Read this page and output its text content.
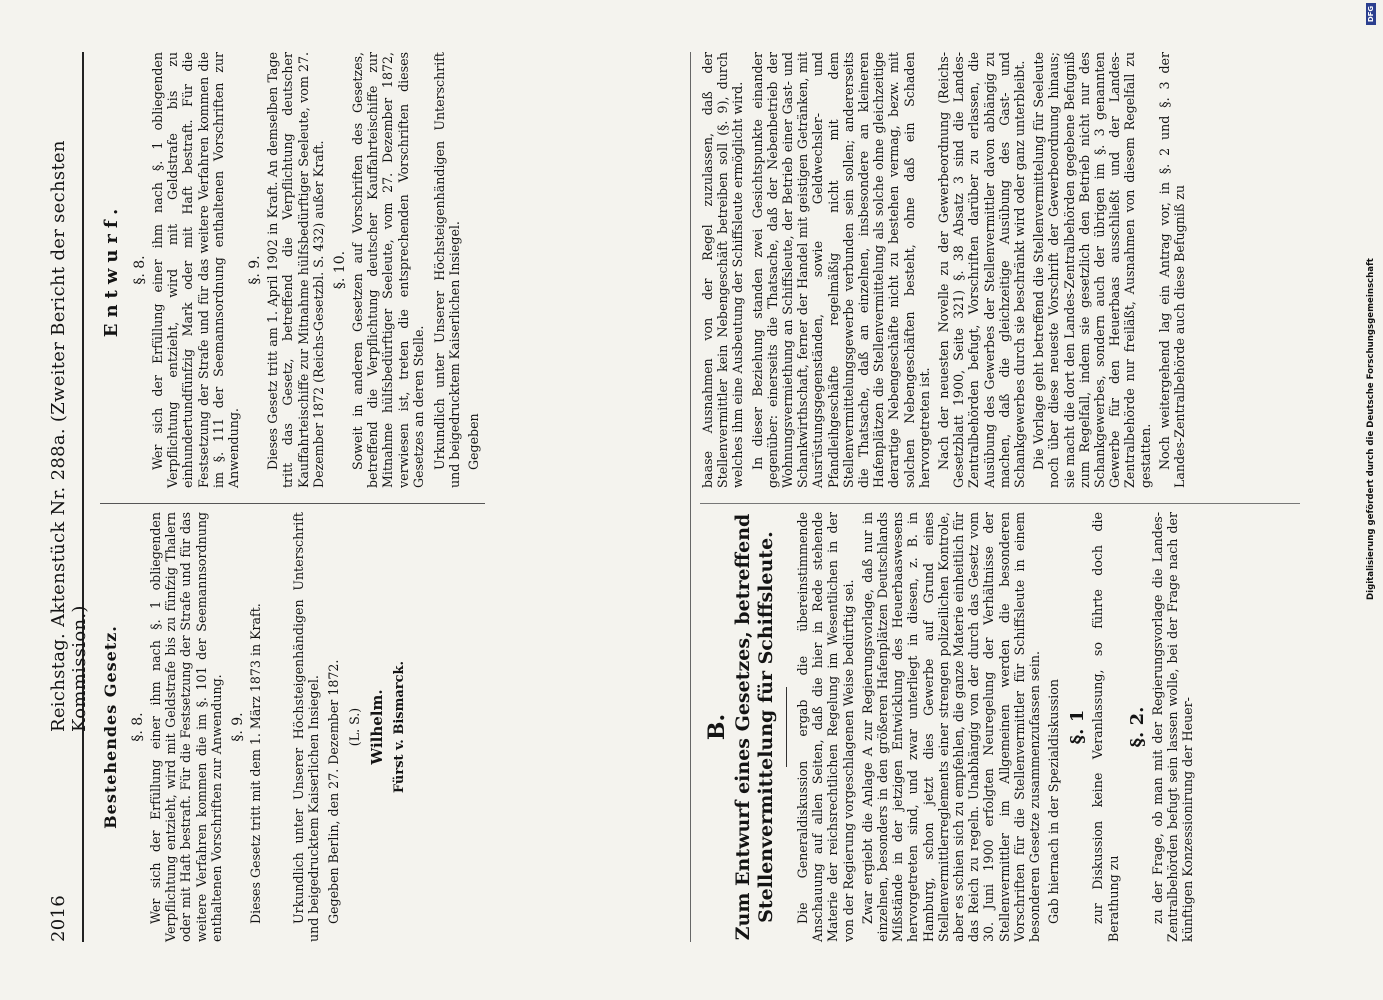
2016
Reichstag. Aktenstück Nr. 288a. (Zweiter Bericht der sechsten Kommission.) Bestehendes Gesetz. §. 8. Wer sich der Erfüllung einer ihm nach §. 1 obliegenden Verpflichtung entzieht, wird mit Geldstrafe bis zu fünfzig Thalern oder mit Haft bestraft. Für die Festsetzung der Strafe und für das weitere Verfahren kommen die im §. 101 der Seemannsordnung enthaltenen Vorschriften zur Anwendung. §. 9. Dieses Gesetz tritt mit dem 1. März 1873 in Kraft. Urkundlich unter Unserer Höchsteigenhändigen Unterschrift und beigedrucktem Kaiserlichen Insiegel. Gegeben Berlin, den 27. Dezember 1872. (L. S.) Wilhelm. Fürst v. Bismarck.
Entwurf. §. 8. Wer sich der Erfüllung einer ihm nach §. 1 obliegenden Verpflichtung entzieht, wird mit Geldstrafe bis zu einhundertundfünfzig Mark oder mit Haft bestraft. Für die Festsetzung der Strafe und für das weitere Verfahren kommen die im §. 111 der Seemannsordnung enthaltenen Vorschriften zur Anwendung.

§. 9. Dieses Gesetz tritt am 1. April 1902 in Kraft. An demselben Tage tritt das Gesetz, betreffend die Verpflichtung deutscher Kauffahrteischiffe zur Mitnahme hülfsbedürftiger Seeleute, vom 27. Dezember 1872 (Reichs-Gesetzbl. S. 432) außer Kraft. §. 10. Soweit in anderen Gesetzen auf Vorschriften des Gesetzes, betreffend die Verpflichtung deutscher Kauffahrteischiffe zur Mitnahme hülfsbedürftiger Seeleute, vom 27. Dezember 1872, verwiesen ist, treten die entsprechenden Vorschriften dieses Gesetzes an deren Stelle. Urkundlich unter Unserer Höchsteigenhändigen Unterschrift und beigedrucktem Kaiserlichen Insiegel. Gegeben

B. Zum Entwurf eines Gesetzes, betreffend Stellenvermittelung für Schiffsleute. Die Generaldiskussion ergab die übereinstimmende Anschauung auf allen Seiten, daß die hier in Rede stehende Materie der reichsrechtlichen Regelung im Wesentlichen in der von der Regierung vorgeschlagenen Weise bedürftig sei. Zwar ergiebt die Anlage A zur Regierungsvorlage, daß nur in einzelnen, besonders in den größeren Hafenplätzen Deutschlands Mißstände in der jetzigen Entwicklung des Heuerbaaswesens hervorgetreten sind, und zwar unterliegt in diesen, z. B. in Hamburg, schon jetzt dies Gewerbe auf Grund eines Stellenvermittlerreglements einer strengen polizeilichen Kontrole, aber es schien sich zu empfehlen, die ganze Materie einheitlich für das Reich zu regeln. Unabhängig von der durch das Gesetz vom 30. Juni 1900 erfolgten Neuregelung der Verhältnisse der Stellenvermittler im Allgemeinen werden die besonderen Vorschriften für die Stellenvermittler für Schiffsleute in einem besonderen Gesetze zusammenzufassen sein. Gab hiernach in der Spezialdiskussion §. 1 zur Diskussion keine Veranlassung, so führte doch die Berathung zu

§. 2. zu der Frage, ob man mit der Regierungsvorlage die Landes-Zentralbehörden befugt sein lassen wolle, bei der Frage nach der künftigen Konzessionirung der Heuer-

baase Ausnahmen von der Regel zuzulassen, daß der Stellenvermittler kein Nebengeschäft betreiben soll (§. 9), durch welches ihm eine Ausbeutung der Schiffsleute ermöglicht wird. In dieser Beziehung standen zwei Gesichtspunkte einander gegenüber: einerseits die Thatsache, daß der Nebenbetrieb der Wohnungsvermiethung an Schiffsleute, der Betrieb einer Gast- und Schankwirthschaft, ferner der Handel mit geistigen Getränken, mit Ausrüstungsgegenständen, sowie Geldwechsler- und Pfandleihgeschäfte regelmäßig nicht mit dem Stellenvermittelungsgewerbe verbunden sein sollen; andererseits die Thatsache, daß an einzelnen, insbesondere an kleineren Hafenplätzen die Stellenvermittelung als solche ohne gleichzeitige derartige Nebengeschäfte nicht zu bestehen vermag, bezw. mit solchen Nebengeschäften besteht, ohne daß ein Schaden hervorgetreten ist. Nach der neuesten Novelle zu der Gewerbeordnung (Reichs-Gesetzblatt 1900, Seite 321) §. 38 Absatz 3 sind die Landes-Zentralbehörden befugt, Vorschriften darüber zu erlassen, die Ausübung des Gewerbes der Stellenvermittler davon abhängig zu machen, daß die gleichzeitige Ausübung des Gast- und Schankgewerbes durch sie beschränkt wird oder ganz unterbleibt. Die Vorlage geht betreffend die Stellenvermittelung für Seeleute noch über diese neueste Vorschrift der Gewerbeordnung hinaus; sie macht die dort den Landes-Zentralbehörden gegebene Befugniß zum Regelfall, indem sie gesetzlich den Betrieb nicht nur des Schankgewerbes, sondern auch der übrigen im §. 3 genannten Gewerbe für den Heuerbaas ausschließt und der Landes-Zentralbehörde nur freiläßt, Ausnahmen von diesem Regelfall zu gestatten. Noch weitergehend lag ein Antrag vor, in §. 2 und §. 3 der Landes-Zentralbehörde auch diese Befugniß zu	Digitalisierung gefördert durch die Deutsche Forschungsgemeinschaft
DFG
